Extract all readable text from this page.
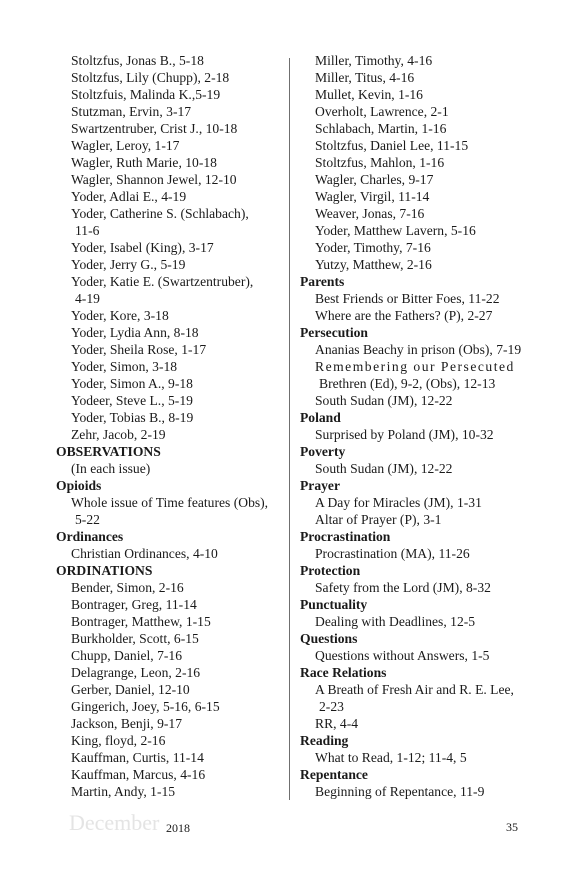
Stoltzfus, Jonas B., 5-18
Stoltzfus, Lily (Chupp), 2-18
Stoltzfuis, Malinda K.,5-19
Stutzman, Ervin, 3-17
Swartzentruber, Crist J., 10-18
Wagler, Leroy, 1-17
Wagler, Ruth Marie, 10-18
Wagler, Shannon Jewel, 12-10
Yoder, Adlai E., 4-19
Yoder, Catherine S. (Schlabach),
11-6
Yoder, Isabel (King), 3-17
Yoder, Jerry G., 5-19
Yoder, Katie E. (Swartzentruber),
4-19
Yoder, Kore, 3-18
Yoder, Lydia Ann, 8-18
Yoder, Sheila Rose, 1-17
Yoder, Simon, 3-18
Yoder, Simon A., 9-18
Yodeer, Steve L., 5-19
Yoder, Tobias B., 8-19
Zehr, Jacob, 2-19
OBSERVATIONS
(In each issue)
Opioids
Whole issue of Time features (Obs),
5-22
Ordinances
Christian Ordinances, 4-10
ORDINATIONS
Bender, Simon, 2-16
Bontrager, Greg, 11-14
Bontrager, Matthew, 1-15
Burkholder, Scott, 6-15
Chupp, Daniel, 7-16
Delagrange, Leon, 2-16
Gerber, Daniel, 12-10
Gingerich, Joey, 5-16, 6-15
Jackson, Benji, 9-17
King, floyd, 2-16
Kauffman, Curtis, 11-14
Kauffman, Marcus, 4-16
Martin, Andy, 1-15
Miller, Timothy, 4-16
Miller, Titus, 4-16
Mullet, Kevin, 1-16
Overholt, Lawrence, 2-1
Schlabach, Martin, 1-16
Stoltzfus, Daniel Lee, 11-15
Stoltzfus, Mahlon, 1-16
Wagler, Charles, 9-17
Wagler, Virgil, 11-14
Weaver, Jonas, 7-16
Yoder, Matthew Lavern, 5-16
Yoder, Timothy, 7-16
Yutzy, Matthew, 2-16
Parents
Best Friends or Bitter Foes, 11-22
Where are the Fathers? (P), 2-27
Persecution
Ananias Beachy in prison (Obs), 7-19
Remembering our Persecuted
Brethren (Ed), 9-2, (Obs), 12-13
South Sudan (JM), 12-22
Poland
Surprised by Poland (JM), 10-32
Poverty
South Sudan (JM), 12-22
Prayer
A Day for Miracles (JM), 1-31
Altar of Prayer (P), 3-1
Procrastination
Procrastination (MA), 11-26
Protection
Safety from the Lord (JM), 8-32
Punctuality
Dealing with Deadlines, 12-5
Questions
Questions without Answers, 1-5
Race Relations
A Breath of Fresh Air and R. E. Lee,
2-23
RR, 4-4
Reading
What to Read, 1-12; 11-4, 5
Repentance
Beginning of Repentance, 11-9
December 2018	35
